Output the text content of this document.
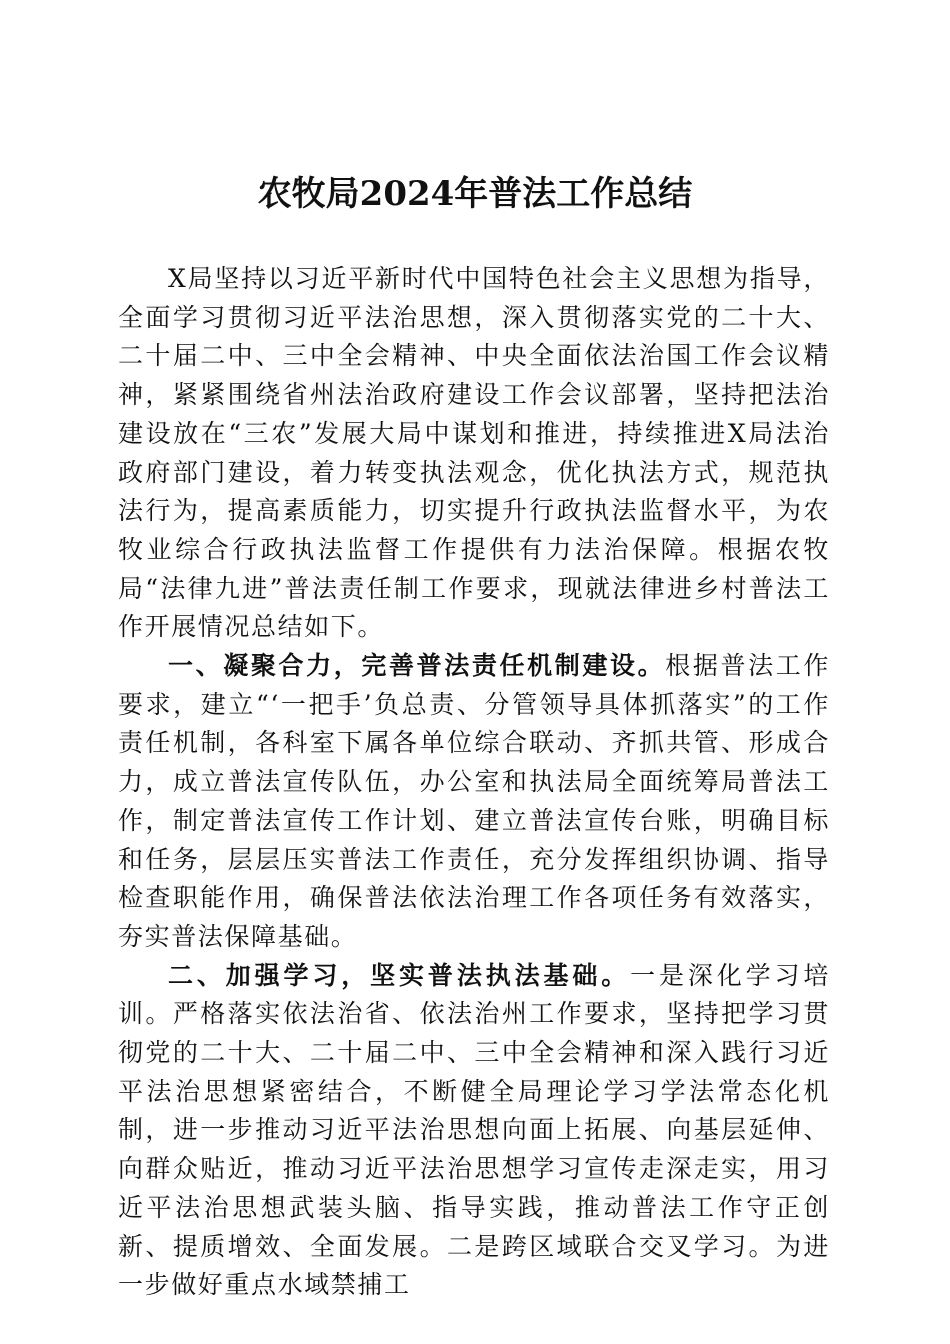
农牧局2024年普法工作总结

X局坚持以习近平新时代中国特色社会主义思想为指导，全面学习贯彻习近平法治思想，深入贯彻落实党的二十大、二十届二中、三中全会精神、中央全面依法治国工作会议精神，紧紧围绕省州法治政府建设工作会议部署，坚持把法治建设放在“三农”发展大局中谋划和推进，持续推进X局法治政府部门建设，着力转变执法观念，优化执法方式，规范执法行为，提高素质能力，切实提升行政执法监督水平，为农牧业综合行政执法监督工作提供有力法治保障。根据农牧局“法律九进”普法责任制工作要求，现就法律进乡村普法工作开展情况总结如下。

一、凝聚合力，完善普法责任机制建设。根据普法工作要求，建立“‘一把手’负总责、分管领导具体抓落实”的工作责任机制，各科室下属各单位综合联动、齐抓共管、形成合力，成立普法宣传队伍，办公室和执法局全面统筹局普法工作，制定普法宣传工作计划、建立普法宣传台账，明确目标和任务，层层压实普法工作责任，充分发挥组织协调、指导检查职能作用，确保普法依法治理工作各项任务有效落实，夯实普法保障基础。

二、加强学习，坚实普法执法基础。一是深化学习培训。严格落实依法治省、依法治州工作要求，坚持把学习贯彻党的二十大、二十届二中、三中全会精神和深入践行习近平法治思想紧密结合，不断健全局理论学习学法常态化机制，进一步推动习近平法治思想向面上拓展、向基层延伸、向群众贴近，推动习近平法治思想学习宣传走深走实，用习近平法治思想武装头脑、指导实践，推动普法工作守正创新、提质增效、全面发展。二是跨区域联合交叉学习。为进一步做好重点水域禁捕工
